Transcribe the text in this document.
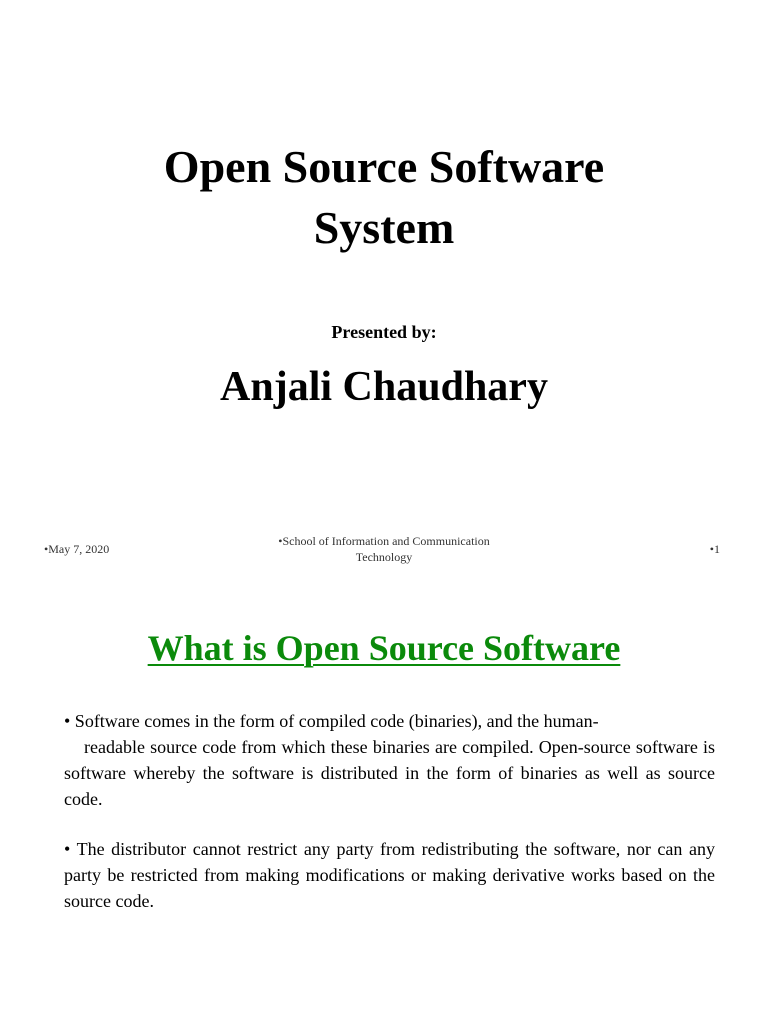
Open Source Software
System
Presented by:
Anjali Chaudhary
•May 7, 2020
•School of Information and Communication Technology
•1
What is Open Source Software

• Software comes in the form of compiled code (binaries), and the human-
readable source code from which these binaries are compiled. Open-source software is software whereby the software is distributed in the form of binaries as well as source code.

• The distributor cannot restrict any party from redistributing the software, nor can any party be restricted from making modifications or making derivative works based on the source code.
